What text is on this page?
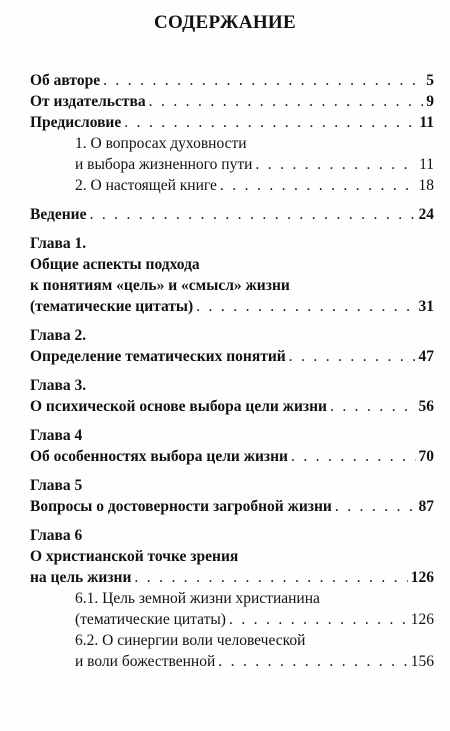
СОДЕРЖАНИЕ
Об авторе . . .	5
От издательства . . .	9
Предисловие . . .	11
1. О вопросах духовности
и выбора жизненного пути . . .	11
2. О настоящей книге . . .	18
Ведение . . .	24
Глава 1.
Общие аспекты подхода
к понятиям «цель» и «смысл» жизни
(тематические цитаты) . . .	31
Глава 2.
Определение тематических понятий . . .	47
Глава 3.
О психической основе выбора цели жизни . . .	56
Глава 4
Об особенностях выбора цели жизни . . .	70
Глава 5
Вопросы о достоверности загробной жизни . . .	87
Глава 6
О христианской точке зрения
на цель жизни . . .	126
6.1. Цель земной жизни христианина
(тематические цитаты) . . .	126
6.2. О синергии воли человеческой
и воли божественной . . .	156
